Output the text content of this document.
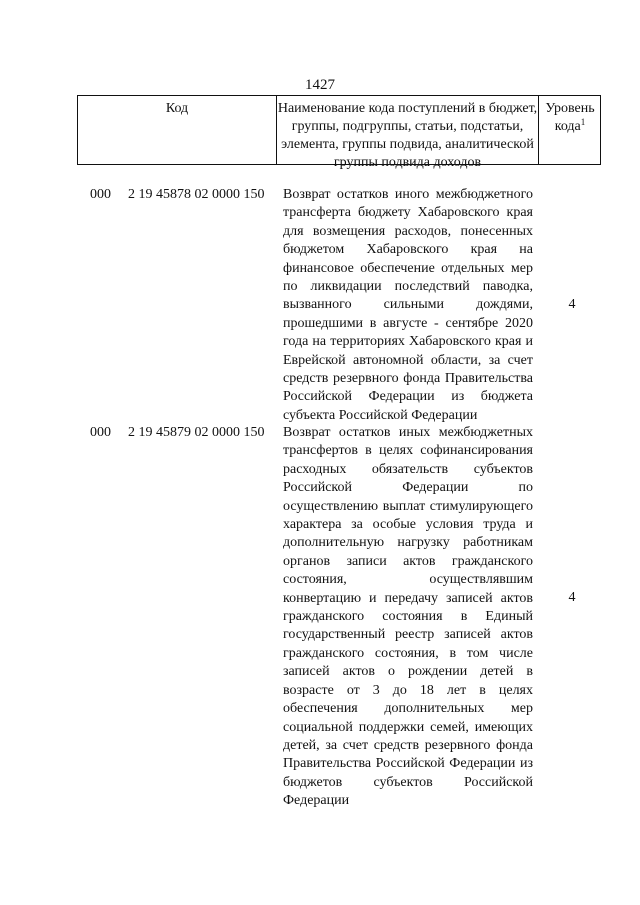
1427
Код	Наименование кода поступлений в бюджет, группы, подгруппы, статьи, подстатьи, элемента, группы подвида, аналитической группы подвида доходов
Уровень кода$^1$
000 2 19 45878 02 0000 150 Возврат остатков иного межбюджетного трансферта бюджету Хабаровского края для возмещения расходов, понесенных бюджетом Хабаровского края на финансовое обеспечение отдельных мер по ликвидации последствий паводка, вызванного сильными дождями, прошедшими в августе - сентябре 2020 года на территориях Хабаровского края и Еврейской автономной области, за счет средств резервного фонда Правительства Российской Федерации из бюджета субъекта Российской Федерации
4
000 2 19 45879 02 0000 150 Возврат остатков иных межбюджетных трансфертов в целях софинансирования расходных обязательств субъектов Российской Федерации по осуществлению выплат стимулирующего характера за особые условия труда и дополнительную нагрузку работникам органов записи актов гражданского состояния, осуществлявшим конвертацию и передачу записей актов гражданского состояния в Единый государственный реестр записей актов гражданского состояния, в том числе записей актов о рождении детей в возрасте от 3 до 18 лет в целях обеспечения дополнительных мер социальной поддержки семей, имеющих детей, за счет средств резервного фонда Правительства Российской Федерации из бюджетов субъектов Российской Федерации
4
